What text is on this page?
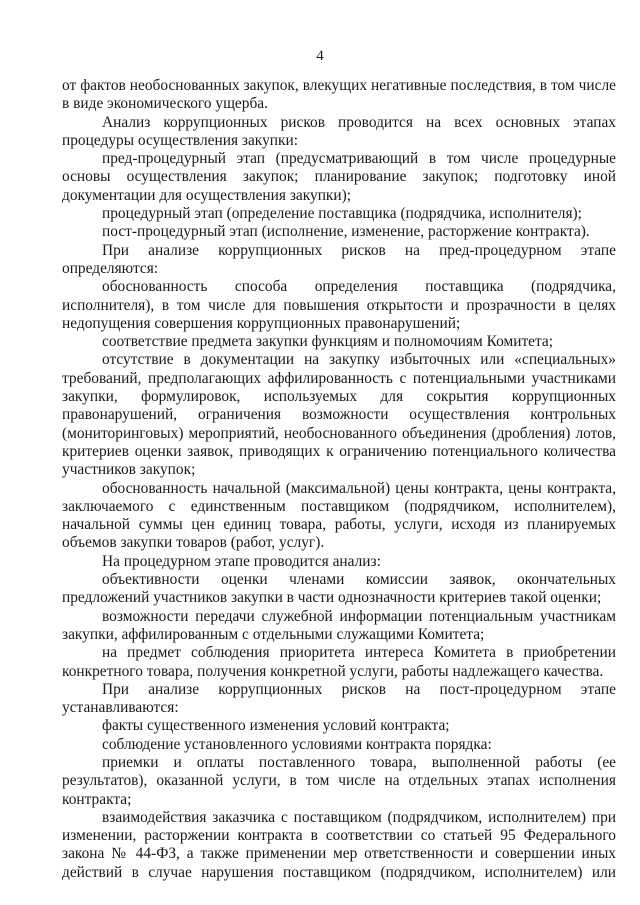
4

от фактов необоснованных закупок, влекущих негативные последствия, в том числе в виде экономического ущерба.

Анализ коррупционных рисков проводится на всех основных этапах процедуры осуществления закупки:

пред-процедурный этап (предусматривающий в том числе процедурные основы осуществления закупок; планирование закупок; подготовку иной документации для осуществления закупки);

процедурный этап (определение поставщика (подрядчика, исполнителя);

пост-процедурный этап (исполнение, изменение, расторжение контракта).

При анализе коррупционных рисков на пред-процедурном этапе определяются:

обоснованность способа определения поставщика (подрядчика, исполнителя), в том числе для повышения открытости и прозрачности в целях недопущения совершения коррупционных правонарушений;

соответствие предмета закупки функциям и полномочиям Комитета;

отсутствие в документации на закупку избыточных или «специальных» требований, предполагающих аффилированность с потенциальными участниками закупки, формулировок, используемых для сокрытия коррупционных правонарушений, ограничения возможности осуществления контрольных (мониторинговых) мероприятий, необоснованного объединения (дробления) лотов, критериев оценки заявок, приводящих к ограничению потенциального количества участников закупок;

обоснованность начальной (максимальной) цены контракта, цены контракта, заключаемого с единственным поставщиком (подрядчиком, исполнителем), начальной суммы цен единиц товара, работы, услуги, исходя из планируемых объемов закупки товаров (работ, услуг).

На процедурном этапе проводится анализ:

объективности оценки членами комиссии заявок, окончательных предложений участников закупки в части однозначности критериев такой оценки;

возможности передачи служебной информации потенциальным участникам закупки, аффилированным с отдельными служащими Комитета;

на предмет соблюдения приоритета интереса Комитета в приобретении конкретного товара, получения конкретной услуги, работы надлежащего качества.

При анализе коррупционных рисков на пост-процедурном этапе устанавливаются:

факты существенного изменения условий контракта;

соблюдение установленного условиями контракта порядка:

приемки и оплаты поставленного товара, выполненной работы (ее результатов), оказанной услуги, в том числе на отдельных этапах исполнения контракта;

взаимодействия заказчика с поставщиком (подрядчиком, исполнителем) при изменении, расторжении контракта в соответствии со статьей 95 Федерального закона № 44-ФЗ, а также применении мер ответственности и совершении иных действий в случае нарушения поставщиком (подрядчиком, исполнителем) или
